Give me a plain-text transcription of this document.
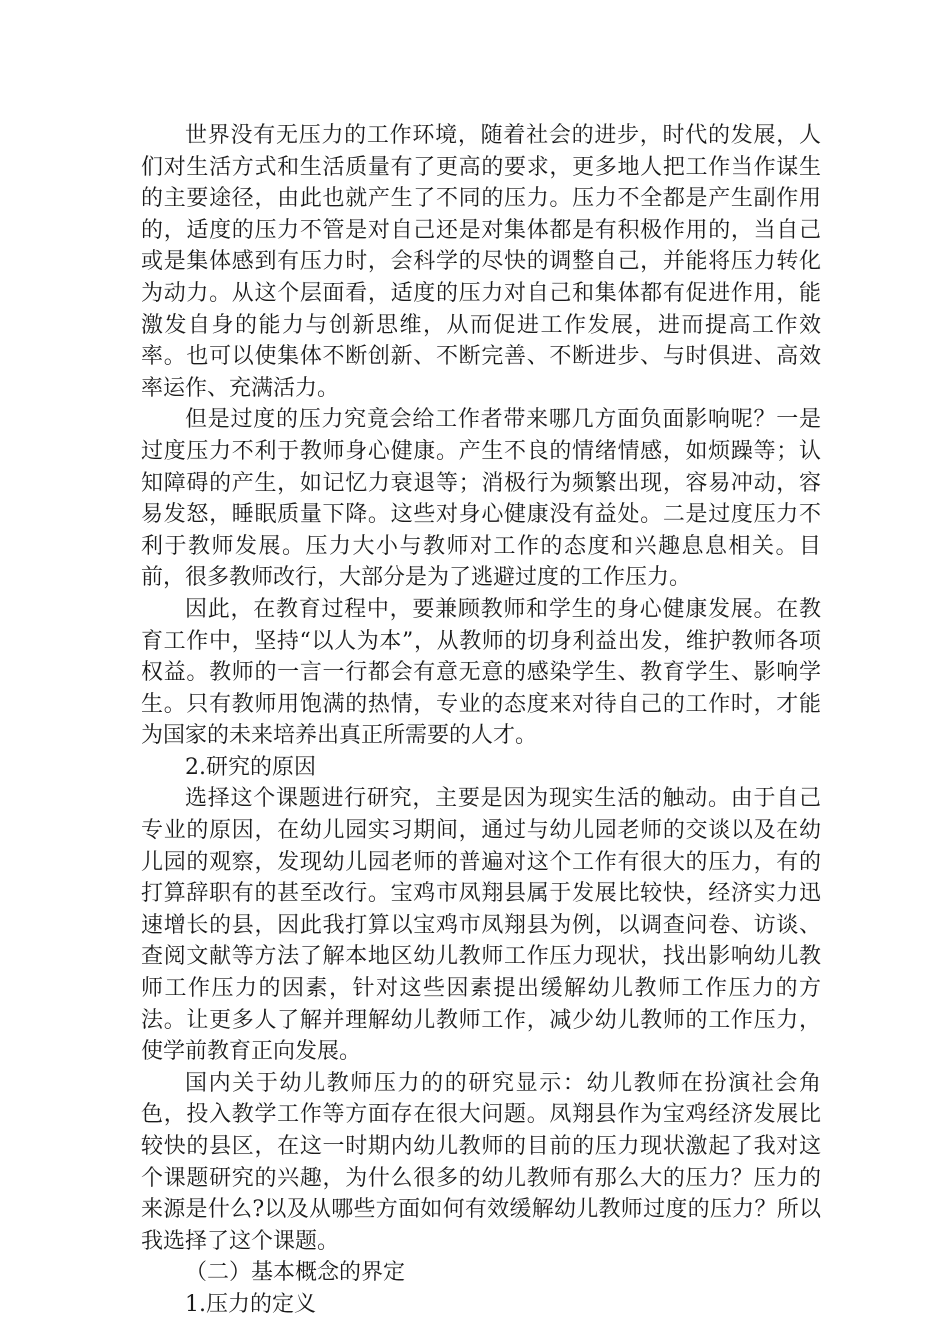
世界没有无压力的工作环境，随着社会的进步，时代的发展，人们对生活方式和生活质量有了更高的要求，更多地人把工作当作谋生的主要途径，由此也就产生了不同的压力。压力不全都是产生副作用的，适度的压力不管是对自己还是对集体都是有积极作用的，当自己或是集体感到有压力时，会科学的尽快的调整自己，并能将压力转化为动力。从这个层面看，适度的压力对自己和集体都有促进作用，能激发自身的能力与创新思维，从而促进工作发展，进而提高工作效率。也可以使集体不断创新、不断完善、不断进步、与时俱进、高效率运作、充满活力。

但是过度的压力究竟会给工作者带来哪几方面负面影响呢？一是过度压力不利于教师身心健康。产生不良的情绪情感，如烦躁等；认知障碍的产生，如记忆力衰退等；消极行为频繁出现，容易冲动，容易发怒，睡眠质量下降。这些对身心健康没有益处。二是过度压力不利于教师发展。压力大小与教师对工作的态度和兴趣息息相关。目前，很多教师改行，大部分是为了逃避过度的工作压力。

因此，在教育过程中，要兼顾教师和学生的身心健康发展。在教育工作中，坚持“以人为本”，从教师的切身利益出发，维护教师各项权益。教师的一言一行都会有意无意的感染学生、教育学生、影响学生。只有教师用饱满的热情，专业的态度来对待自己的工作时，才能为国家的未来培养出真正所需要的人才。

2.研究的原因

选择这个课题进行研究，主要是因为现实生活的触动。由于自己专业的原因，在幼儿园实习期间，通过与幼儿园老师的交谈以及在幼儿园的观察，发现幼儿园老师的普遍对这个工作有很大的压力，有的打算辞职有的甚至改行。宝鸡市凤翔县属于发展比较快，经济实力迅速增长的县，因此我打算以宝鸡市凤翔县为例，以调查问卷、访谈、查阅文献等方法了解本地区幼儿教师工作压力现状，找出影响幼儿教师工作压力的因素，针对这些因素提出缓解幼儿教师工作压力的方法。让更多人了解并理解幼儿教师工作，减少幼儿教师的工作压力，使学前教育正向发展。

国内关于幼儿教师压力的的研究显示：幼儿教师在扮演社会角色，投入教学工作等方面存在很大问题。凤翔县作为宝鸡经济发展比较快的县区，在这一时期内幼儿教师的目前的压力现状激起了我对这个课题研究的兴趣，为什么很多的幼儿教师有那么大的压力？压力的来源是什么?以及从哪些方面如何有效缓解幼儿教师过度的压力？所以我选择了这个课题。

（二）基本概念的界定

1.压力的定义
